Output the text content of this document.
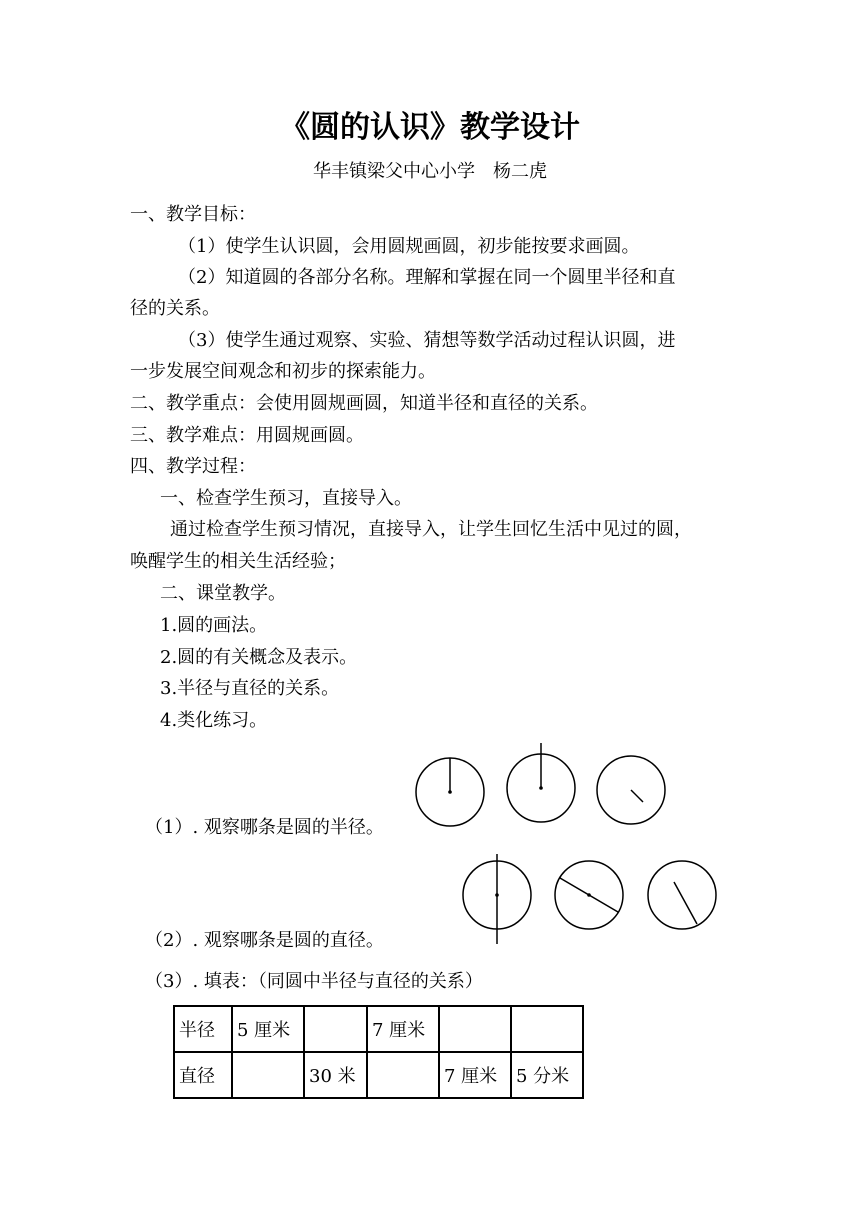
《圆的认识》教学设计
华丰镇梁父中心小学　杨二虎
一、教学目标：
（1）使学生认识圆，会用圆规画圆，初步能按要求画圆。
（2）知道圆的各部分名称。理解和掌握在同一个圆里半径和直
径的关系。
（3）使学生通过观察、实验、猜想等数学活动过程认识圆，进
一步发展空间观念和初步的探索能力。
二、教学重点：会使用圆规画圆，知道半径和直径的关系。
三、教学难点：用圆规画圆。
四、教学过程：
一、检查学生预习，直接导入。
通过检查学生预习情况，直接导入，让学生回忆生活中见过的圆，
唤醒学生的相关生活经验；
二、课堂教学。
1.圆的画法。
2.圆的有关概念及表示。
3.半径与直径的关系。
4.类化练习。
（1）. 观察哪条是圆的半径。
（2）. 观察哪条是圆的直径。
（3）. 填表：（同圆中半径与直径的关系）
半径	5 厘米		7 厘米		
直径		30 米		7 厘米	5 分米
